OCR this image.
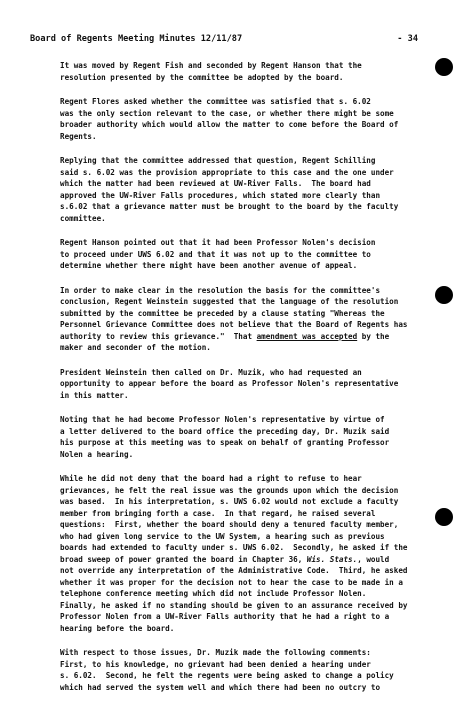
Board of Regents Meeting Minutes 12/11/87	- 34
It was moved by Regent Fish and seconded by Regent Hanson that the
resolution presented by the committee be adopted by the board.
Regent Flores asked whether the committee was satisfied that s. 6.02
was the only section relevant to the case, or whether there might be some
broader authority which would allow the matter to come before the Board of
Regents.
Replying that the committee addressed that question, Regent Schilling
said s. 6.02 was the provision appropriate to this case and the one under
which the matter had been reviewed at UW-River Falls.  The board had
approved the UW-River Falls procedures, which stated more clearly than
s.6.02 that a grievance matter must be brought to the board by the faculty
committee.
Regent Hanson pointed out that it had been Professor Nolen's decision
to proceed under UWS 6.02 and that it was not up to the committee to
determine whether there might have been another avenue of appeal.
In order to make clear in the resolution the basis for the committee's
conclusion, Regent Weinstein suggested that the language of the resolution
submitted by the committee be preceded by a clause stating "Whereas the
Personnel Grievance Committee does not believe that the Board of Regents has
authority to review this grievance."  That amendment was accepted by the
maker and seconder of the motion.
President Weinstein then called on Dr. Muzik, who had requested an
opportunity to appear before the board as Professor Nolen's representative
in this matter.
Noting that he had become Professor Nolen's representative by virtue of
a letter delivered to the board office the preceding day, Dr. Muzik said
his purpose at this meeting was to speak on behalf of granting Professor
Nolen a hearing.
While he did not deny that the board had a right to refuse to hear
grievances, he felt the real issue was the grounds upon which the decision
was based.  In his interpretation, s. UWS 6.02 would not exclude a faculty
member from bringing forth a case.  In that regard, he raised several
questions:  First, whether the board should deny a tenured faculty member,
who had given long service to the UW System, a hearing such as previous
boards had extended to faculty under s. UWS 6.02.  Secondly, he asked if the
broad sweep of power granted the board in Chapter 36, Wis. Stats., would
not override any interpretation of the Administrative Code.  Third, he asked
whether it was proper for the decision not to hear the case to be made in a
telephone conference meeting which did not include Professor Nolen.
Finally, he asked if no standing should be given to an assurance received by
Professor Nolen from a UW-River Falls authority that he had a right to a
hearing before the board.
With respect to those issues, Dr. Muzik made the following comments:
First, to his knowledge, no grievant had been denied a hearing under
s. 6.02.  Second, he felt the regents were being asked to change a policy
which had served the system well and which there had been no outcry to
